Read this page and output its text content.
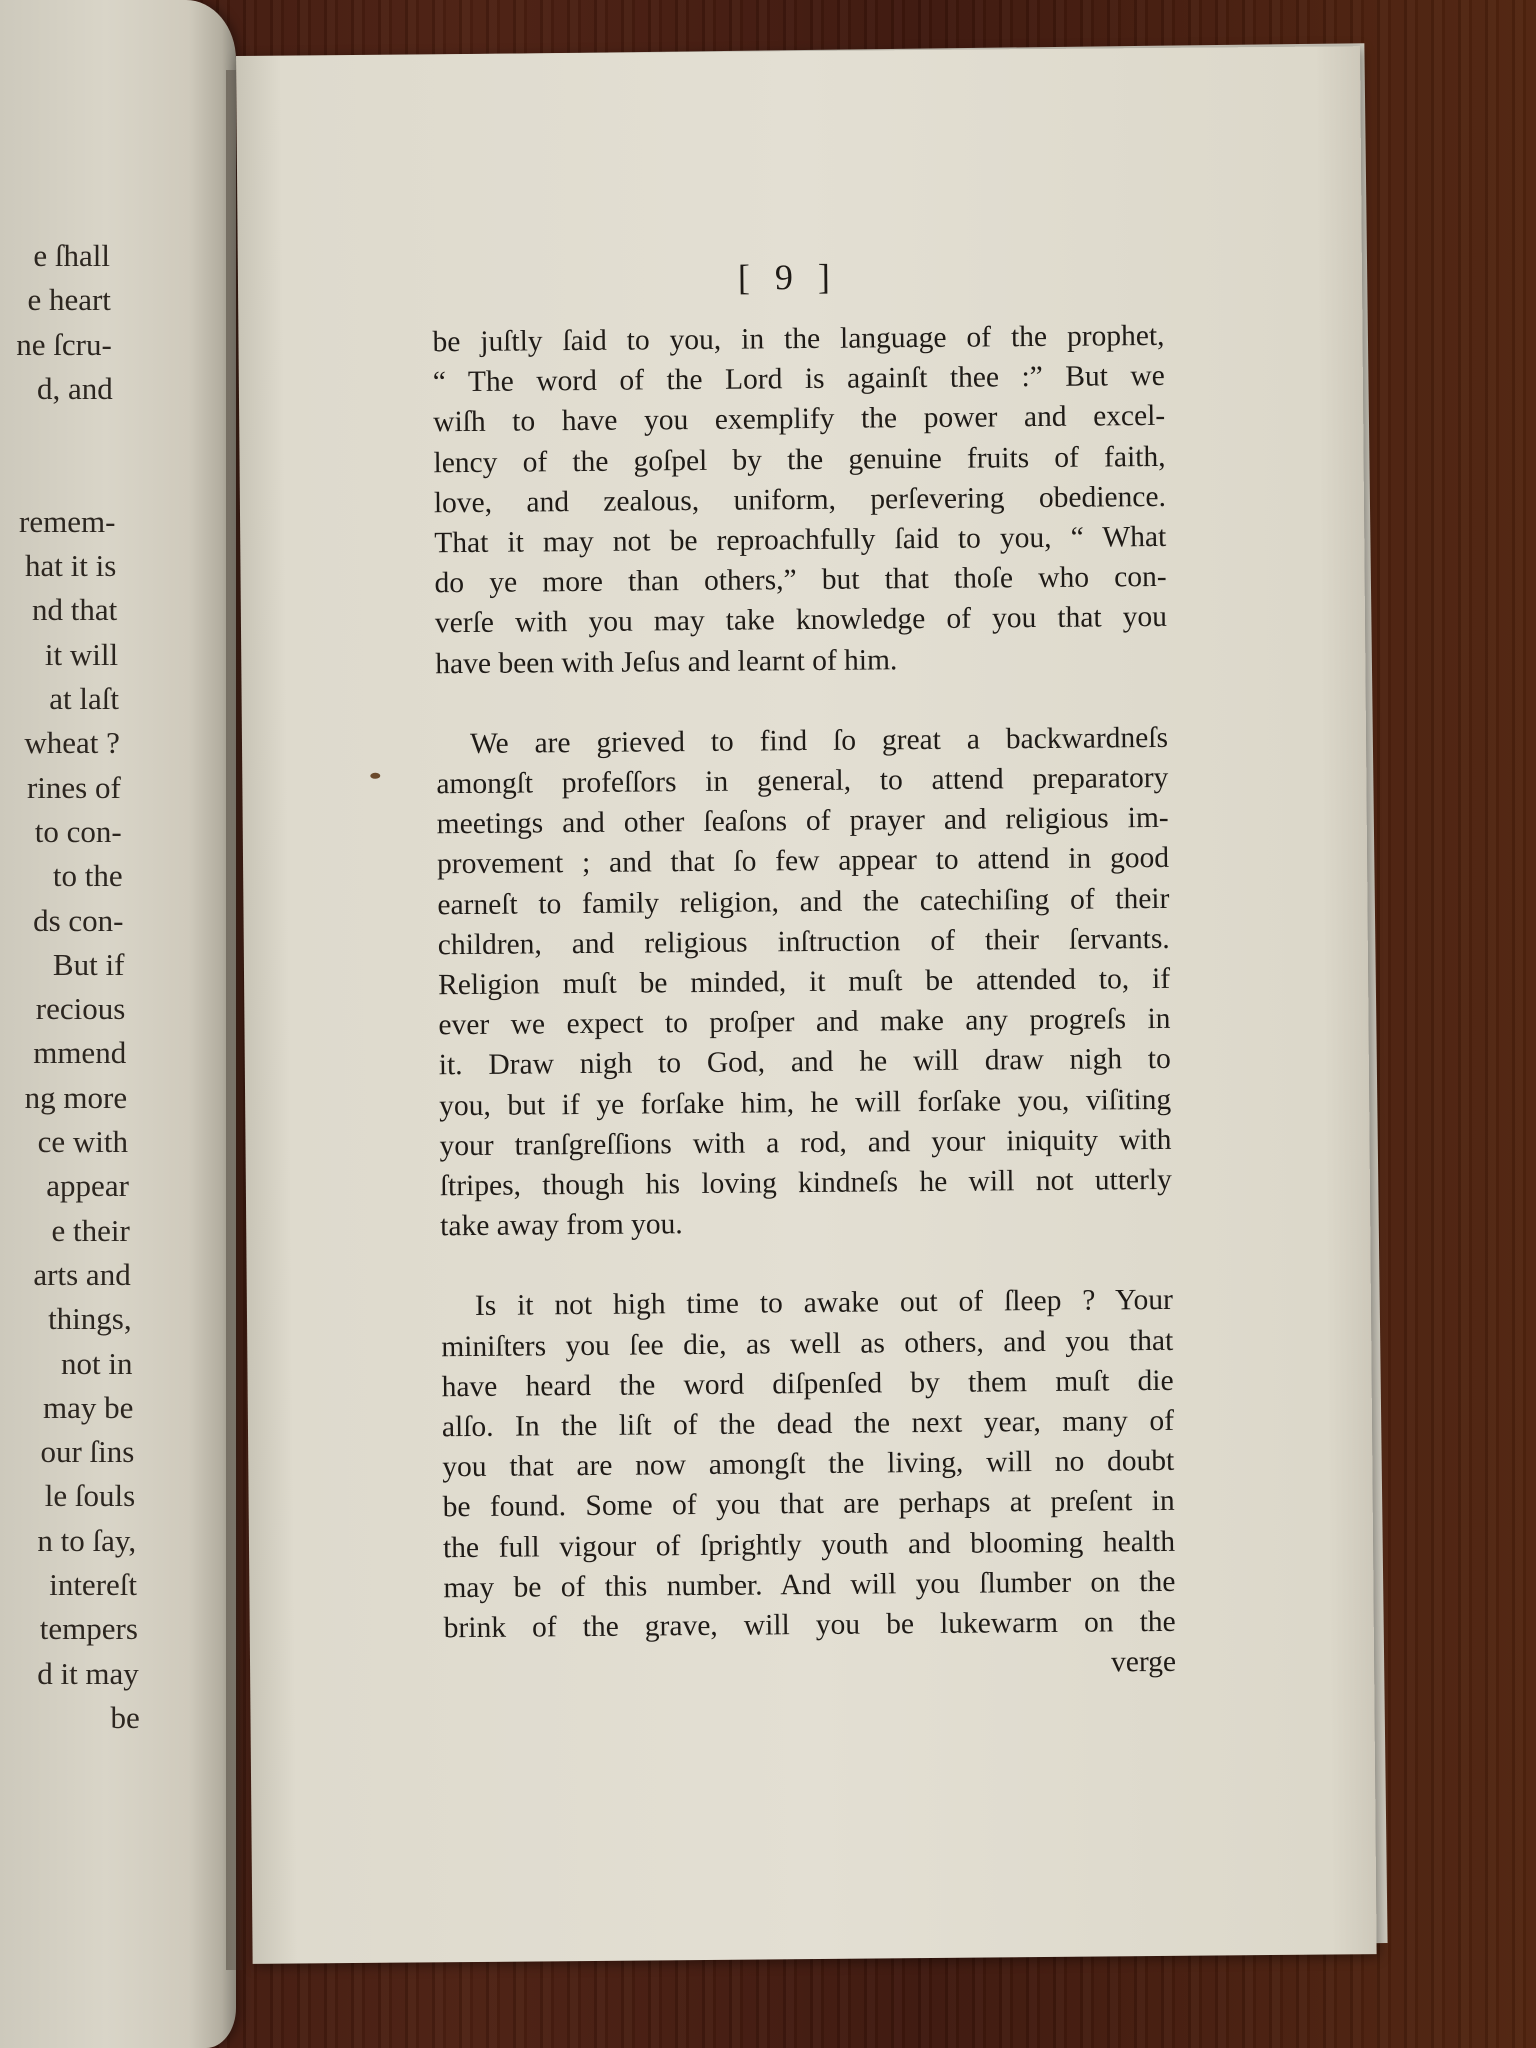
e ſhall
e heart
ne ſcru-
d, and
remem-
hat it is
nd that
it will
at laſt
wheat ?
rines of
to con-
to the
ds con-
But if
recious
mmend
ng more
ce with
appear
e their
arts and
things,
not in
may be
our ſins
le ſouls
n to ſay,
intereſt
tempers
d it may
be
[ 9 ]
be juſtly ſaid to you, in the language of the prophet,
“ The word of the Lord is againſt thee :” But we
wiſh to have you exemplify the power and excel-
lency of the goſpel by the genuine fruits of faith,
love, and zealous, uniform, perſevering obedience.
That it may not be reproachfully ſaid to you, “ What
do ye more than others,” but that thoſe who con-
verſe with you may take knowledge of you that you
have been with Jeſus and learnt of him.
We are grieved to find ſo great a backwardneſs
amongſt profeſſors in general, to attend preparatory
meetings and other ſeaſons of prayer and religious im-
provement ; and that ſo few appear to attend in good
earneſt to family religion, and the catechiſing of their
children, and religious inſtruction of their ſervants.
Religion muſt be minded, it muſt be attended to, if
ever we expect to proſper and make any progreſs in
it. Draw nigh to God, and he will draw nigh to
you, but if ye forſake him, he will forſake you, viſiting
your tranſgreſſions with a rod, and your iniquity with
ſtripes, though his loving kindneſs he will not utterly
take away from you.
Is it not high time to awake out of ſleep ? Your
miniſters you ſee die, as well as others, and you that
have heard the word diſpenſed by them muſt die
alſo. In the liſt of the dead the next year, many of
you that are now amongſt the living, will no doubt
be found. Some of you that are perhaps at preſent in
the full vigour of ſprightly youth and blooming health
may be of this number. And will you ſlumber on the
brink of the grave, will you be lukewarm on the
verge
